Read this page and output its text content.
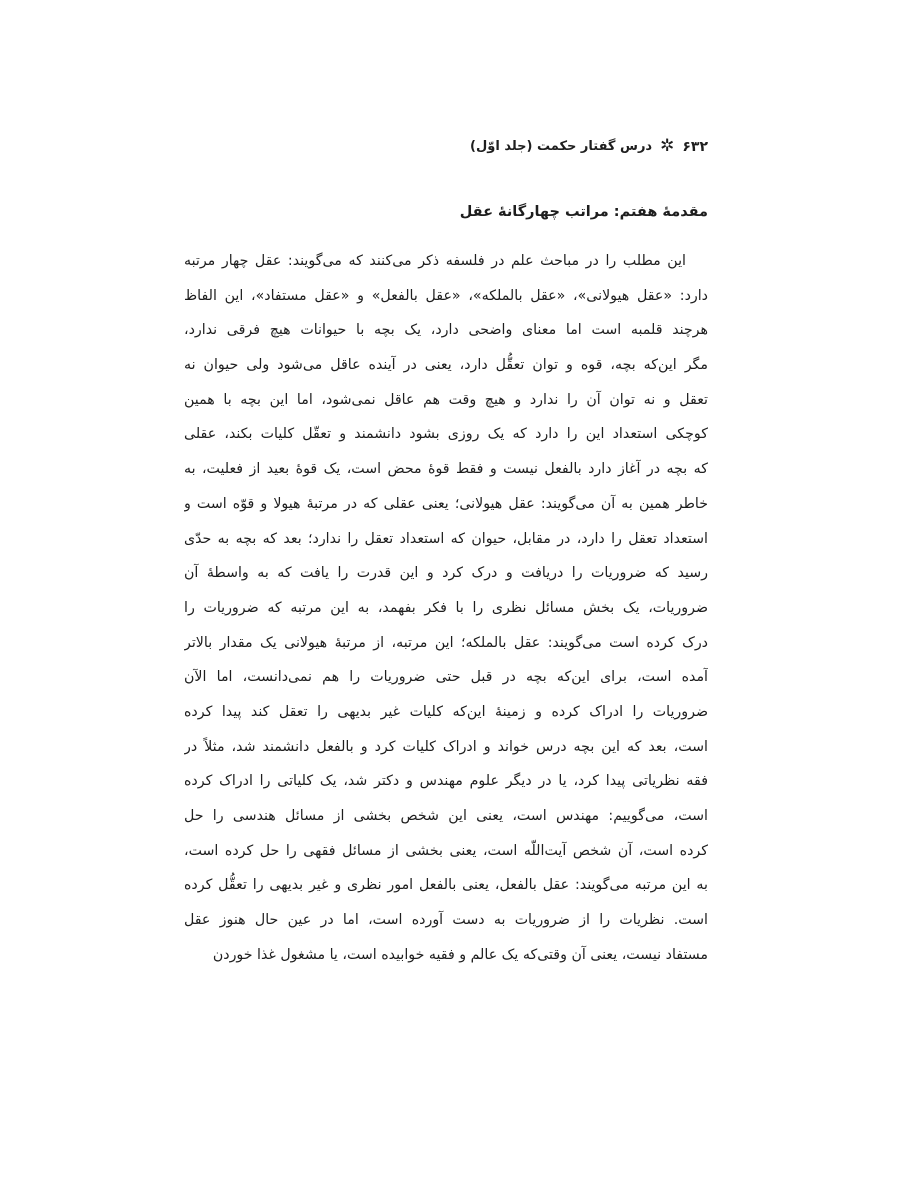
۶۳۲
✲
درس گفتار حکمت (جلد اوّل)
مقدمهٔ هفتم: مراتب چهارگانهٔ عقل
این مطلب را در مباحث علم در فلسفه ذکر می‌کنند که می‌گویند: عقل چهار مرتبه
دارد: «عقل هیولانی»، «عقل بالملکه»، «عقل بالفعل» و «عقل مستفاد»، این الفاظ
هرچند قلمبه است اما معنای واضحی دارد، یک بچه با حیوانات هیچ فرقی ندارد،
مگر این‌که بچه، قوه و توان تعقُّل دارد، یعنی در آینده عاقل می‌شود ولی حیوان نه
تعقل و نه توان آن را ندارد و هیچ وقت هم عاقل نمی‌شود، اما این بچه با همین
کوچکی استعداد این را دارد که یک روزی بشود دانشمند و تعقّل کلیات بکند، عقلی
که بچه در آغاز دارد بالفعل نیست و فقط قوهٔ محض است، یک قوهٔ بعید از فعلیت، به
خاطر همین به آن می‌گویند: عقل هیولانی؛ یعنی عقلی که در مرتبهٔ هیولا و قوّه است و
استعداد تعقل را دارد، در مقابل، حیوان که استعداد تعقل را ندارد؛ بعد که بچه به حدّی
رسید که ضروریات را دریافت و درک کرد و این قدرت را یافت که به واسطهٔ آن
ضروریات، یک بخش مسائل نظری را با فکر بفهمد، به این مرتبه که ضروریات را
درک کرده است می‌گویند: عقل بالملکه؛ این مرتبه، از مرتبهٔ هیولانی یک مقدار بالاتر
آمده است، برای این‌که بچه در قبل حتی ضروریات را هم نمی‌دانست، اما الآن
ضروریات را ادراک کرده و زمینهٔ این‌که کلیات غیر بدیهی را تعقل کند پیدا کرده
است، بعد که این بچه درس خواند و ادراک کلیات کرد و بالفعل دانشمند شد، مثلاً در
فقه نظریاتی پیدا کرد، یا در دیگر علوم مهندس و دکتر شد، یک کلیاتی را ادراک کرده
است، می‌گوییم: مهندس است، یعنی این شخص بخشی از مسائل هندسی را حل
کرده است، آن شخص آیت‌اللّه است، یعنی بخشی از مسائل فقهی را حل کرده است،
به این مرتبه می‌گویند: عقل بالفعل، یعنی بالفعل امور نظری و غیر بدیهی را تعقُّل کرده
است. نظریات را از ضروریات به دست آورده است، اما در عین حال هنوز عقل
مستفاد نیست، یعنی آن وقتی‌که یک عالم و فقیه خوابیده است، یا مشغول غذا خوردن
